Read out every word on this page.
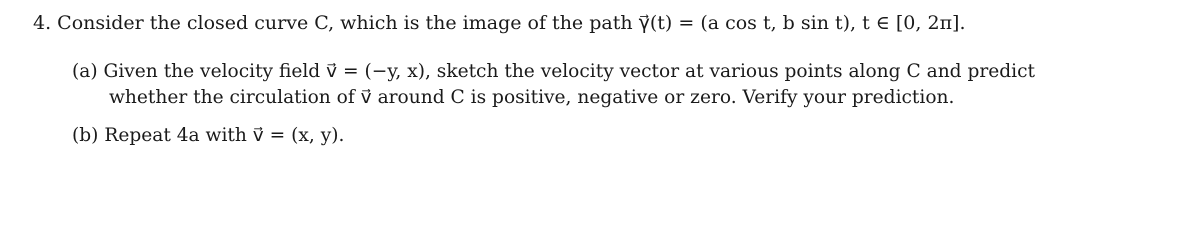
4. Consider the closed curve C, which is the image of the path γ⃗(t) = (a cos t, b sin t), t ∈ [0, 2π].
(a) Given the velocity field v⃗ = (−y, x), sketch the velocity vector at various points along C and predict
whether the circulation of v⃗ around C is positive, negative or zero. Verify your prediction.
(b) Repeat 4a with v⃗ = (x, y).
